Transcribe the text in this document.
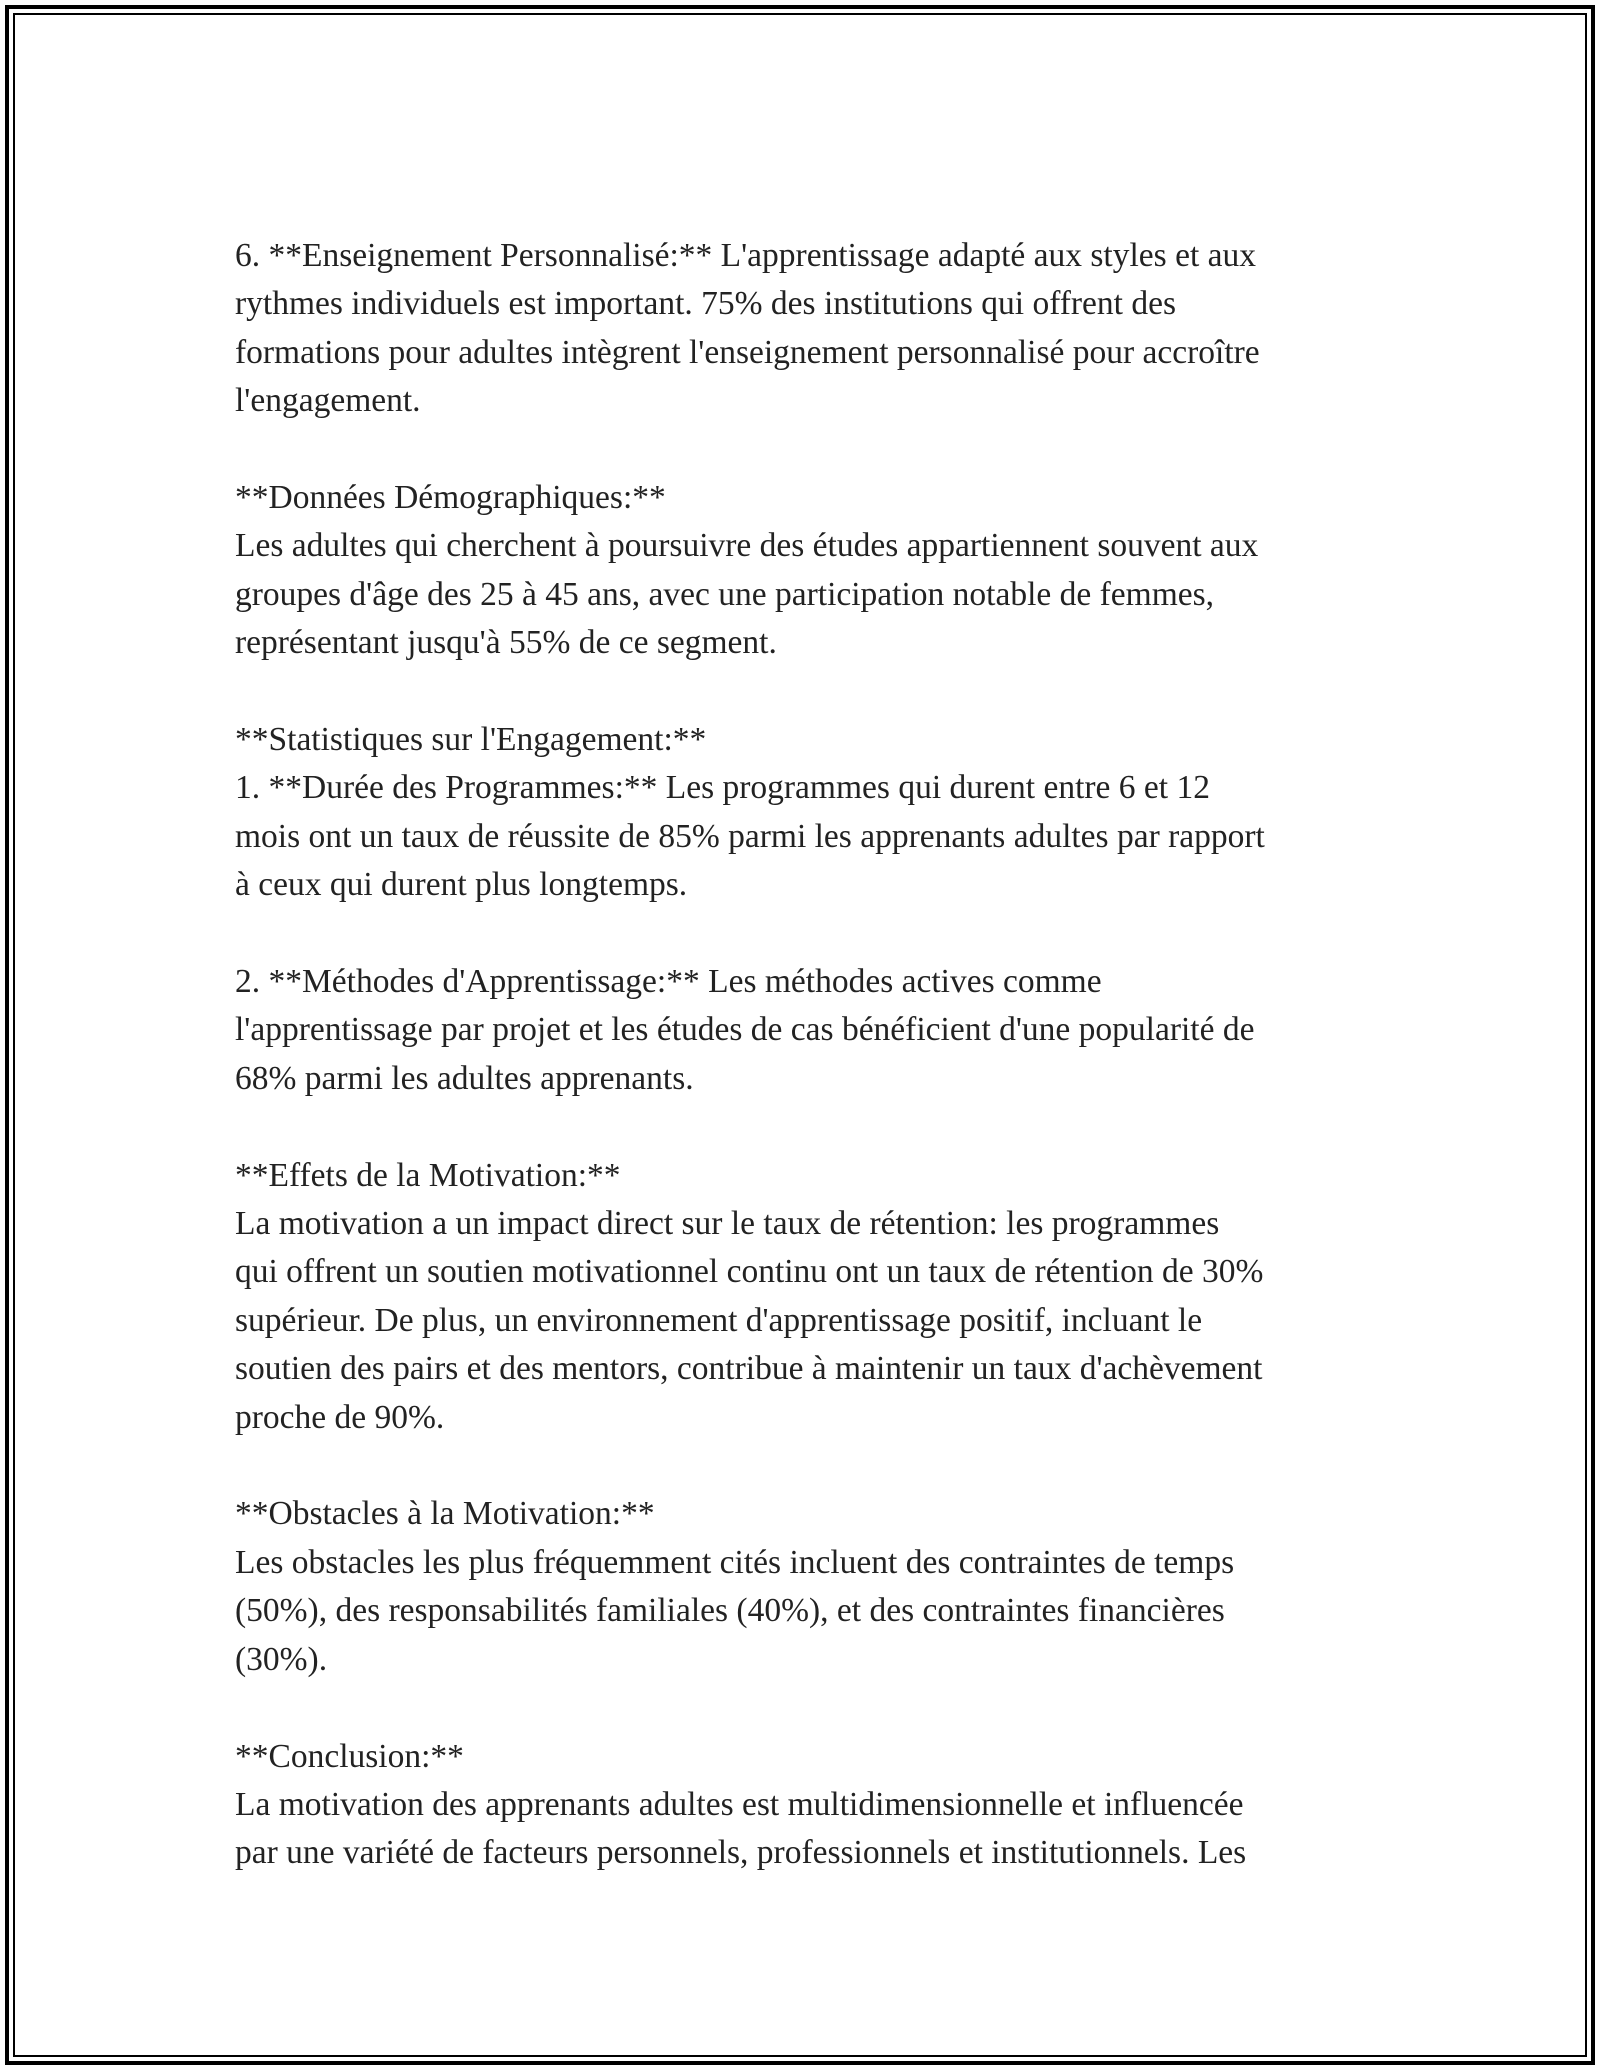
6. **Enseignement Personnalisé:** L'apprentissage adapté aux styles et aux
rythmes individuels est important. 75% des institutions qui offrent des
formations pour adultes intègrent l'enseignement personnalisé pour accroître
l'engagement.
**Données Démographiques:**
Les adultes qui cherchent à poursuivre des études appartiennent souvent aux
groupes d'âge des 25 à 45 ans, avec une participation notable de femmes,
représentant jusqu'à 55% de ce segment.
**Statistiques sur l'Engagement:**
1. **Durée des Programmes:** Les programmes qui durent entre 6 et 12
mois ont un taux de réussite de 85% parmi les apprenants adultes par rapport
à ceux qui durent plus longtemps.
2. **Méthodes d'Apprentissage:** Les méthodes actives comme
l'apprentissage par projet et les études de cas bénéficient d'une popularité de
68% parmi les adultes apprenants.
**Effets de la Motivation:**
La motivation a un impact direct sur le taux de rétention: les programmes
qui offrent un soutien motivationnel continu ont un taux de rétention de 30%
supérieur. De plus, un environnement d'apprentissage positif, incluant le
soutien des pairs et des mentors, contribue à maintenir un taux d'achèvement
proche de 90%.
**Obstacles à la Motivation:**
Les obstacles les plus fréquemment cités incluent des contraintes de temps
(50%), des responsabilités familiales (40%), et des contraintes financières
(30%).
**Conclusion:**
La motivation des apprenants adultes est multidimensionnelle et influencée
par une variété de facteurs personnels, professionnels et institutionnels. Les
